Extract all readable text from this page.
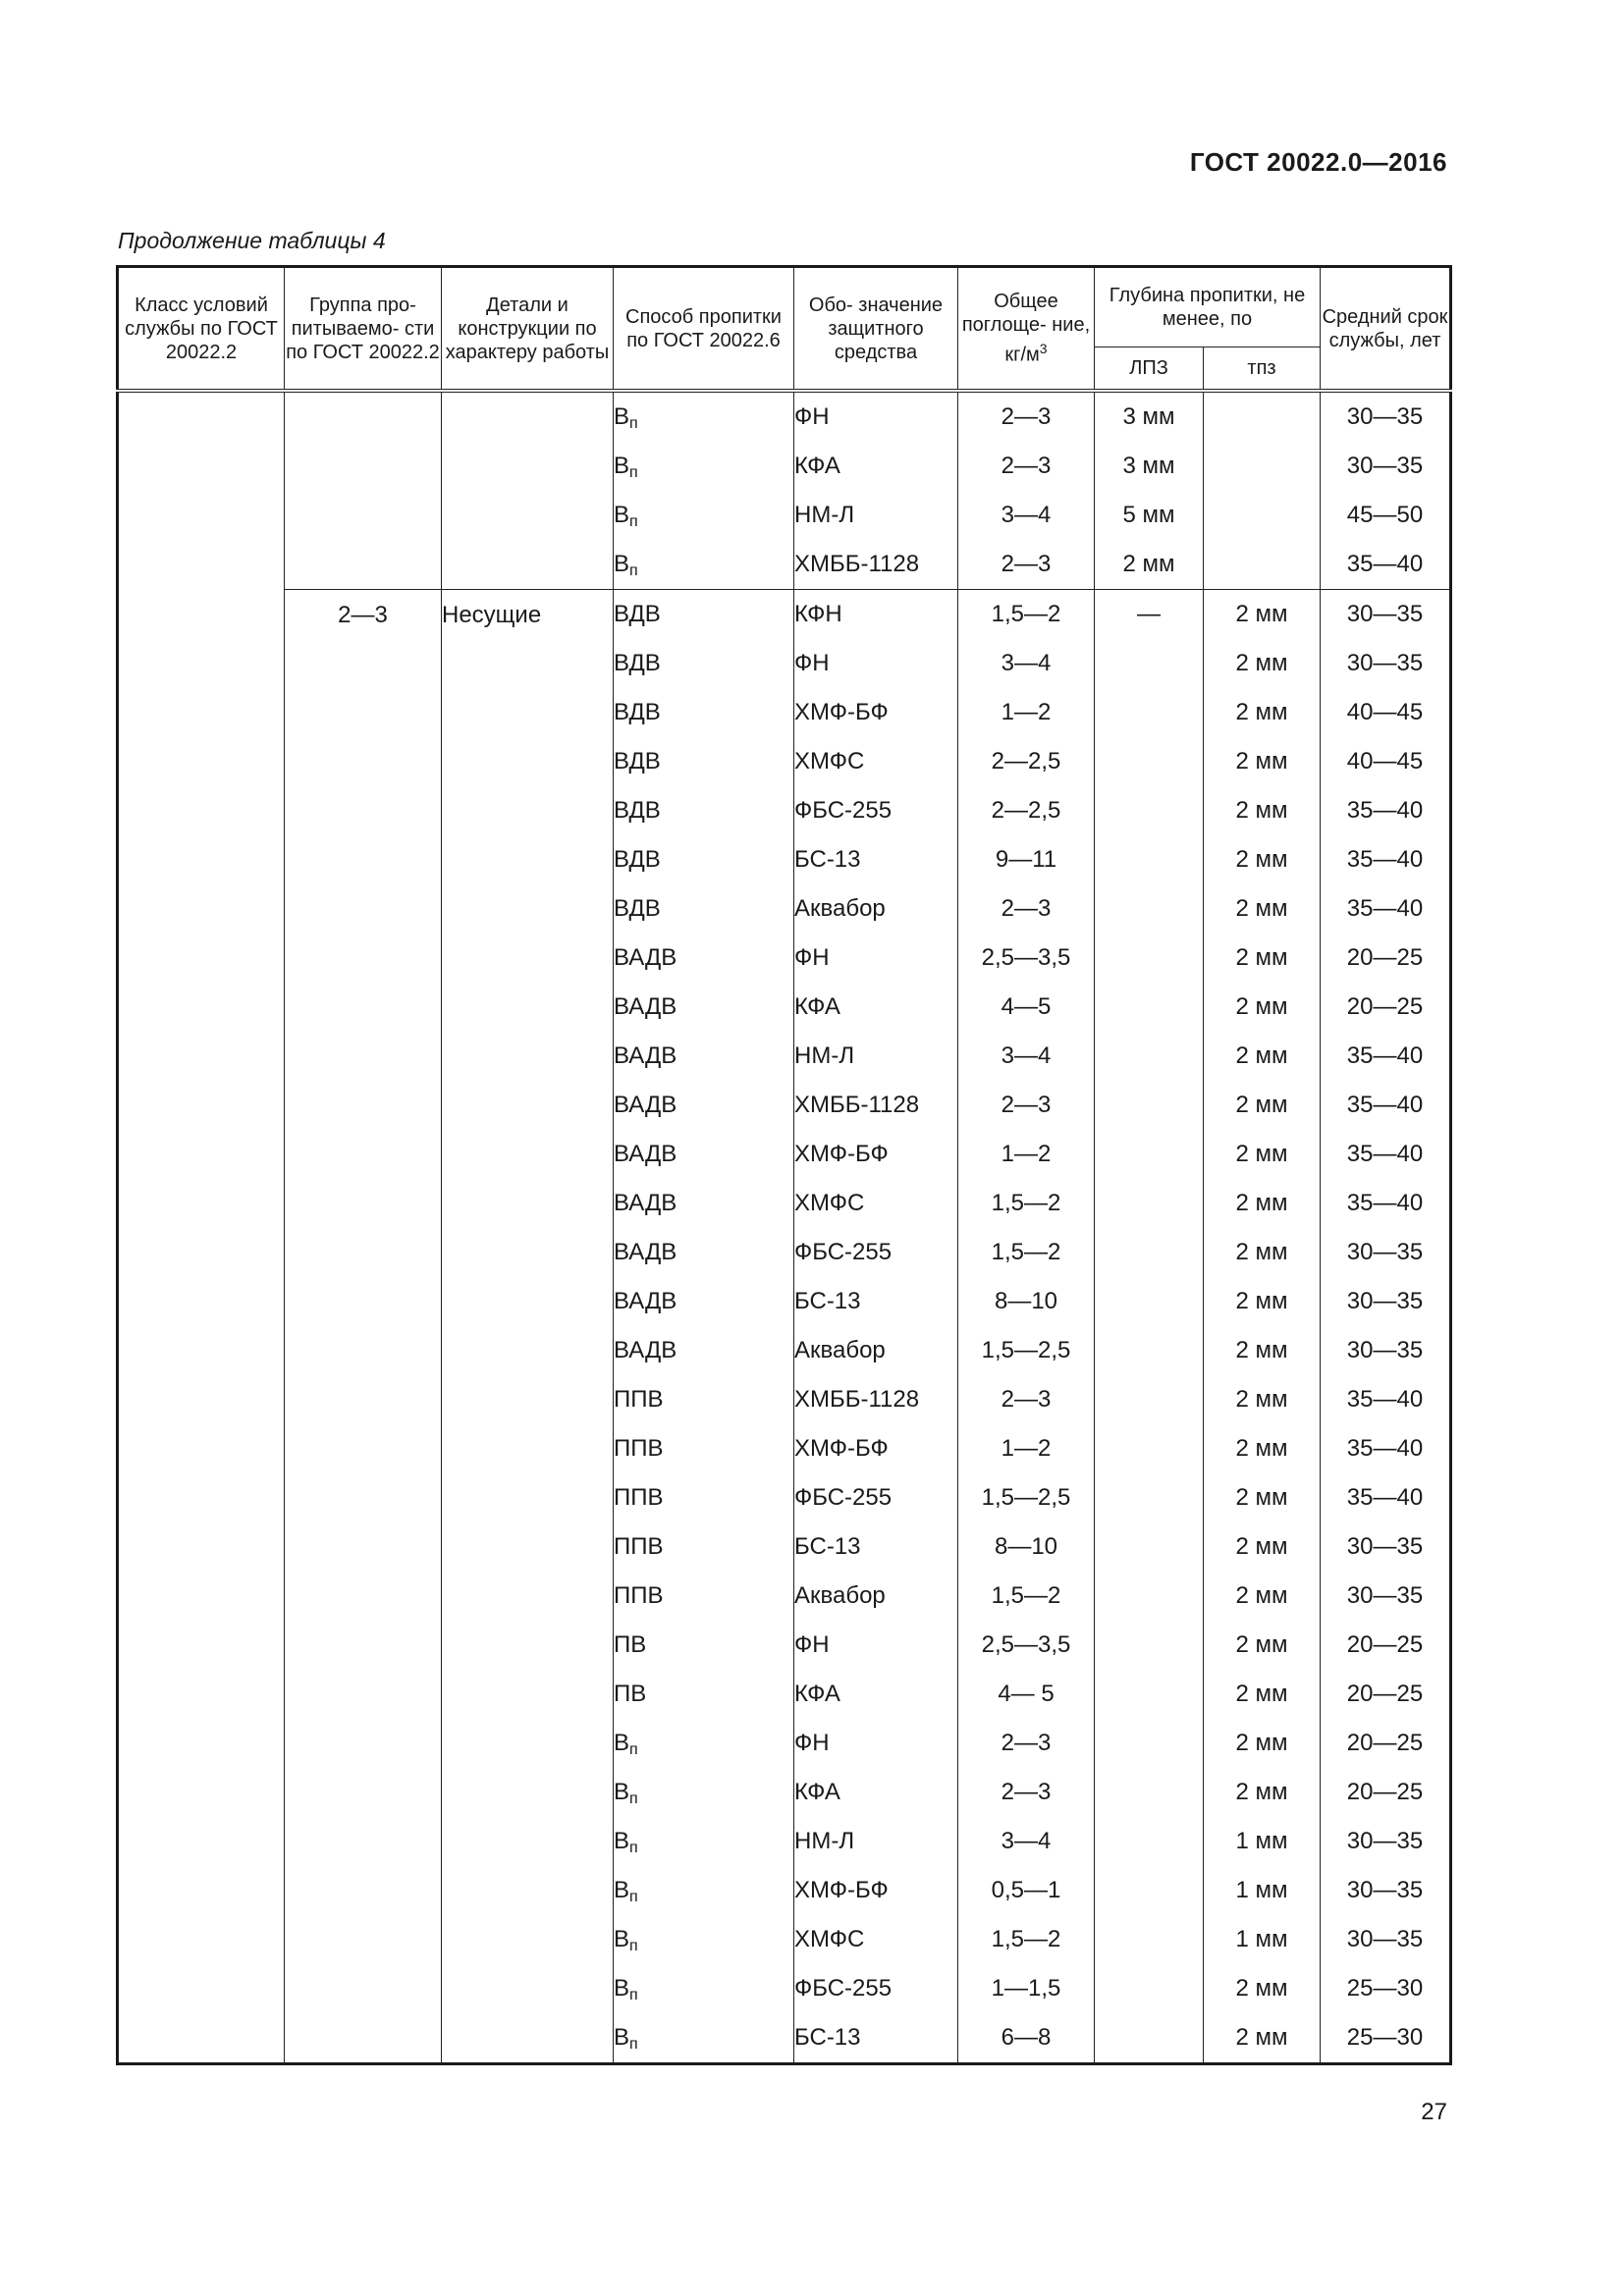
ГОСТ 20022.0—2016
Продолжение таблицы 4
Класс условий службы по ГОСТ 20022.2	Группа про- питываемо- сти по ГОСТ 20022.2	Детали и конструкции по характеру работы	Способ пропитки по ГОСТ 20022.6	Обо- значение защитного средства	Общее поглоще- ние, $кг/м^3$	Глубина пропитки, не менее, по		Средний срок службы, лет
						ЛПЗ	тпз	
			$В_п$	ФН	2—3	3 мм		30—35
			$В_п$	КФА	2—3	3 мм		30—35
			$В_п$	НМ-Л	3—4	5 мм		45—50
			$В_п$	ХМББ-1128	2—3	2 мм		35—40
	2—3	Несущие	ВДВ	КФН	1,5—2	—	2 мм	30—35
			ВДВ	ФН	3—4		2 мм	30—35
			ВДВ	ХМФ-БФ	1—2		2 мм	40—45
			ВДВ	ХМФС	2—2,5		2 мм	40—45
			ВДВ	ФБС-255	2—2,5		2 мм	35—40
			ВДВ	БС-13	9—11		2 мм	35—40
			ВДВ	Аквабор	2—3		2 мм	35—40
			ВАДВ	ФН	2,5—3,5		2 мм	20—25
			ВАДВ	КФА	4—5		2 мм	20—25
			ВАДВ	НМ-Л	3—4		2 мм	35—40
			ВАДВ	ХМББ-1128	2—3		2 мм	35—40
			ВАДВ	ХМФ-БФ	1—2		2 мм	35—40
			ВАДВ	ХМФС	1,5—2		2 мм	35—40
			ВАДВ	ФБС-255	1,5—2		2 мм	30—35
			ВАДВ	БС-13	8—10		2 мм	30—35
			ВАДВ	Аквабор	1,5—2,5		2 мм	30—35
			ППВ	ХМББ-1128	2—3		2 мм	35—40
			ППВ	ХМФ-БФ	1—2		2 мм	35—40
			ППВ	ФБС-255	1,5—2,5		2 мм	35—40
			ППВ	БС-13	8—10		2 мм	30—35
			ППВ	Аквабор	1,5—2		2 мм	30—35
			ПВ	ФН	2,5—3,5		2 мм	20—25
			ПВ	КФА	4— 5		2 мм	20—25
			$В_п$	ФН	2—3		2 мм	20—25
			$В_п$	КФА	2—3		2 мм	20—25
			$В_п$	НМ-Л	3—4		1 мм	30—35
			$В_п$	ХМФ-БФ	0,5—1		1 мм	30—35
			$В_п$	ХМФС	1,5—2		1 мм	30—35
			$В_п$	ФБС-255	1—1,5		2 мм	25—30
			$В_п$	БС-13	6—8		2 мм	25—30
27
